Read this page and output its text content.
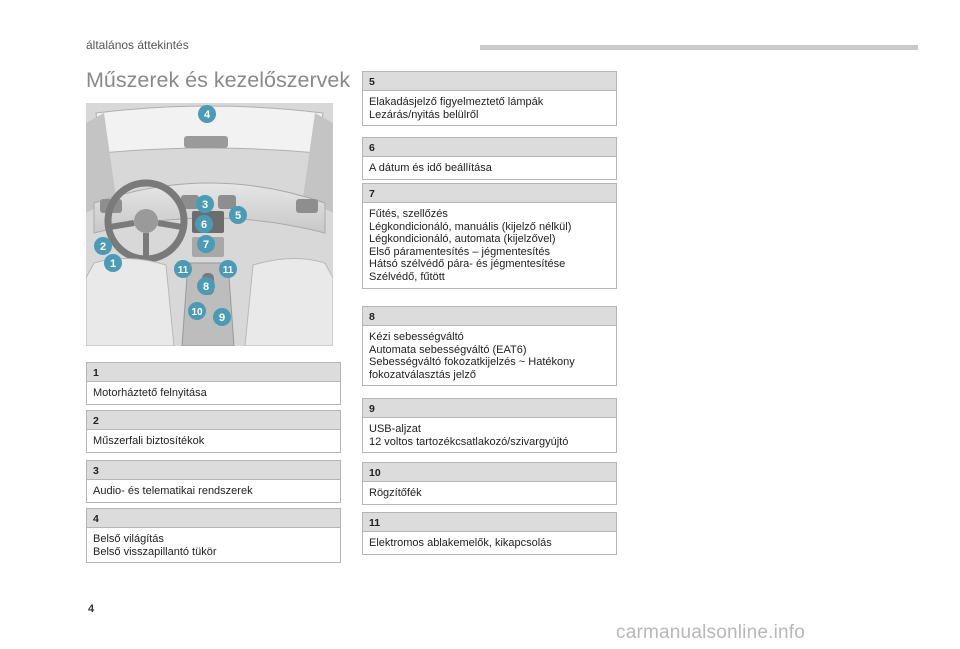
általános áttekintés
Műszerek és kezelőszervek
1
2
3
4
5
6
7
8
9
10
11	11
1
Motorháztető felnyitása
2
Műszerfali biztosítékok
3
Audio- és telematikai rendszerek
4
Belső világítás
Belső visszapillantó tükör
5
Elakadásjelző figyelmeztető lámpák
Lezárás/nyitás belülről
6
A dátum és idő beállítása
7
Fűtés, szellőzés
Légkondicionáló, manuális (kijelző nélkül)
Légkondicionáló, automata (kijelzővel)
Első páramentesítés – jégmentesítés
Hátsó szélvédő pára- és jégmentesítése
Szélvédő, fűtött
8
Kézi sebességváltó
Automata sebességváltó (EAT6)
Sebességváltó fokozatkijelzés ~ Hatékony
fokozatválasztás jelző
9
USB-aljzat
12 voltos tartozékcsatlakozó/szivargyújtó
10
Rögzítőfék
11
Elektromos ablakemelők, kikapcsolás
4
carmanualsonline.info
